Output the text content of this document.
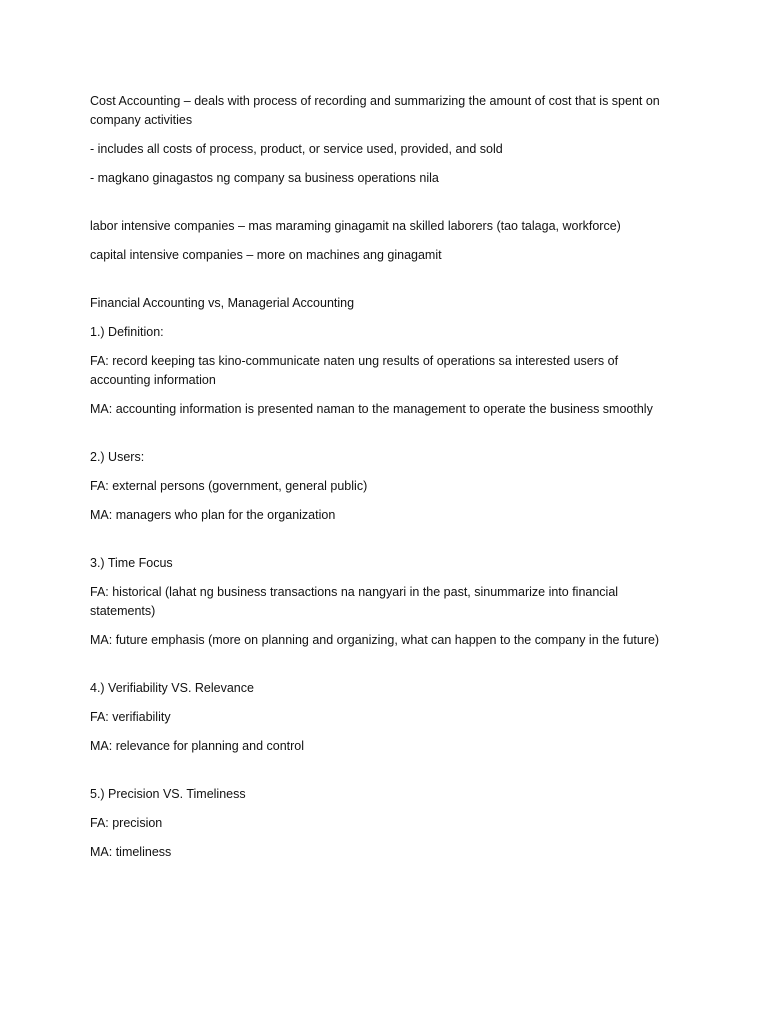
Cost Accounting – deals with process of recording and summarizing the amount of cost that is spent on company activities

- includes all costs of process, product, or service used, provided, and sold

- magkano ginagastos ng company sa business operations nila

labor intensive companies – mas maraming ginagamit na skilled laborers (tao talaga, workforce)

capital intensive companies – more on machines ang ginagamit

Financial Accounting vs, Managerial Accounting

1.) Definition:

FA: record keeping tas kino-communicate naten ung results of operations sa interested users of accounting information

MA: accounting information is presented naman to the management to operate the business smoothly

2.) Users:

FA: external persons (government, general public)

MA: managers who plan for the organization

3.) Time Focus

FA: historical (lahat ng business transactions na nangyari in the past, sinummarize into financial statements)

MA: future emphasis (more on planning and organizing, what can happen to the company in the future)

4.) Verifiability VS. Relevance

FA: verifiability

MA: relevance for planning and control

5.) Precision VS. Timeliness

FA: precision

MA: timeliness
